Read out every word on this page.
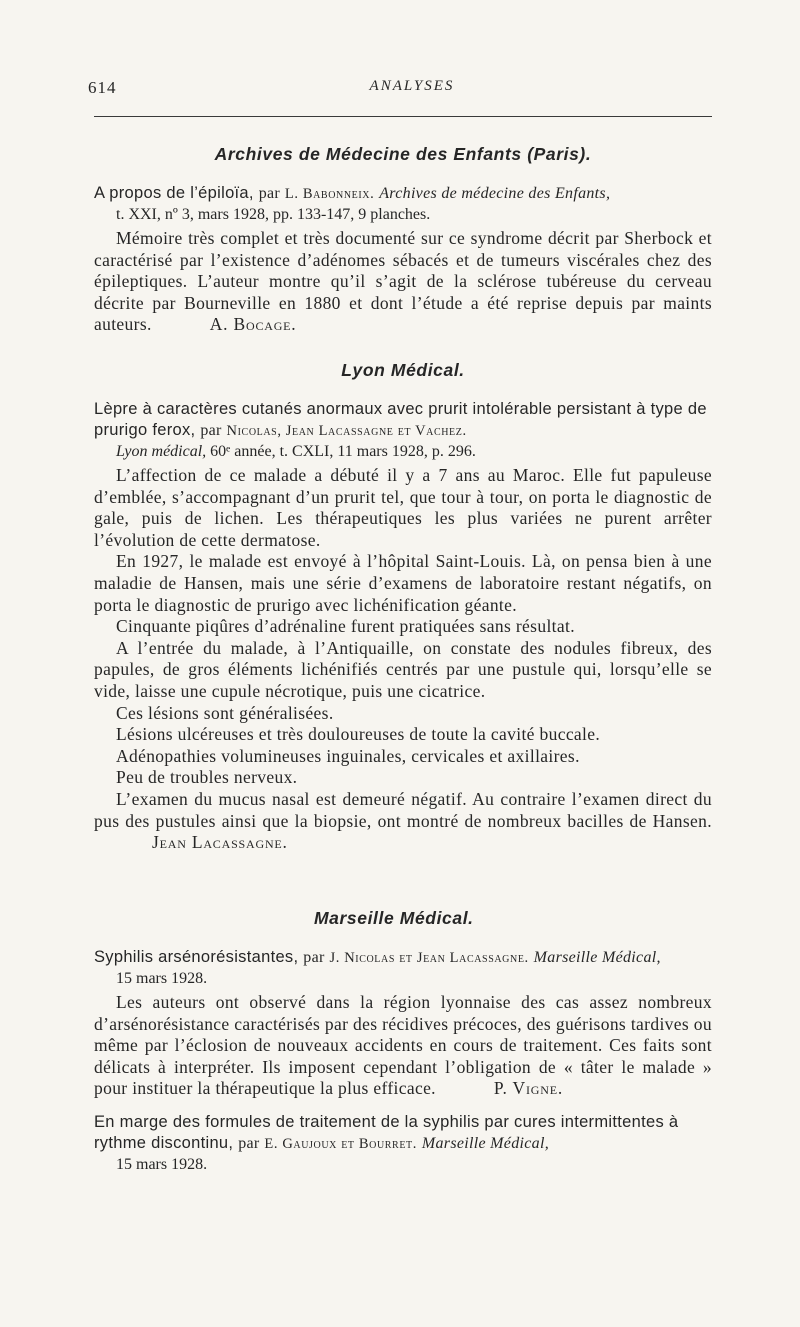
614	ANALYSES
Archives de Médecine des Enfants (Paris).
A propos de l’épiloïa, par L. Babonneix. Archives de médecine des Enfants,
t. XXI, nº 3, mars 1928, pp. 133-147, 9 planches.

Mémoire très complet et très documenté sur ce syndrome décrit par Sherbock et caractérisé par l’existence d’adénomes sébacés et de tumeurs viscérales chez des épileptiques. L’auteur montre qu’il s’agit de la sclérose tubéreuse du cerveau décrite par Bourneville en 1880 et dont l’étude a été reprise depuis par maints auteurs.	A. Bocage.

Lyon Médical.
Lèpre à caractères cutanés anormaux avec prurit intolérable persistant à type de prurigo ferox, par Nicolas, Jean Lacassagne et Vachez.
Lyon médical, 60ᵉ année, t. CXLI, 11 mars 1928, p. 296.

L’affection de ce malade a débuté il y a 7 ans au Maroc. Elle fut papuleuse d’emblée, s’accompagnant d’un prurit tel, que tour à tour, on porta le diagnostic de gale, puis de lichen. Les thérapeutiques les plus variées ne purent arrêter l’évolution de cette dermatose.

En 1927, le malade est envoyé à l’hôpital Saint-Louis. Là, on pensa bien à une maladie de Hansen, mais une série d’examens de laboratoire restant négatifs, on porta le diagnostic de prurigo avec lichénification géante.

Cinquante piqûres d’adrénaline furent pratiquées sans résultat.

A l’entrée du malade, à l’Antiquaille, on constate des nodules fibreux, des papules, de gros éléments lichénifiés centrés par une pustule qui, lorsqu’elle se vide, laisse une cupule nécrotique, puis une cicatrice.

Ces lésions sont généralisées.

Lésions ulcéreuses et très douloureuses de toute la cavité buccale.

Adénopathies volumineuses inguinales, cervicales et axillaires.

Peu de troubles nerveux.

L’examen du mucus nasal est demeuré négatif. Au contraire l’examen direct du pus des pustules ainsi que la biopsie, ont montré de nombreux bacilles de Hansen.Jean Lacassagne.

Marseille Médical.
Syphilis arsénorésistantes, par J. Nicolas et Jean Lacassagne. Marseille Médical,
15 mars 1928.

Les auteurs ont observé dans la région lyonnaise des cas assez nombreux d’arsénorésistance caractérisés par des récidives précoces, des guérisons tardives ou même par l’éclosion de nouveaux accidents en cours de traitement. Ces faits sont délicats à interpréter. Ils imposent cependant l’obligation de « tâter le malade » pour instituer la thérapeutique la plus efficace.	P. Vigne.

En marge des formules de traitement de la syphilis par cures intermittentes à rythme discontinu, par E. Gaujoux et Bourret. Marseille Médical,
15 mars 1928.
